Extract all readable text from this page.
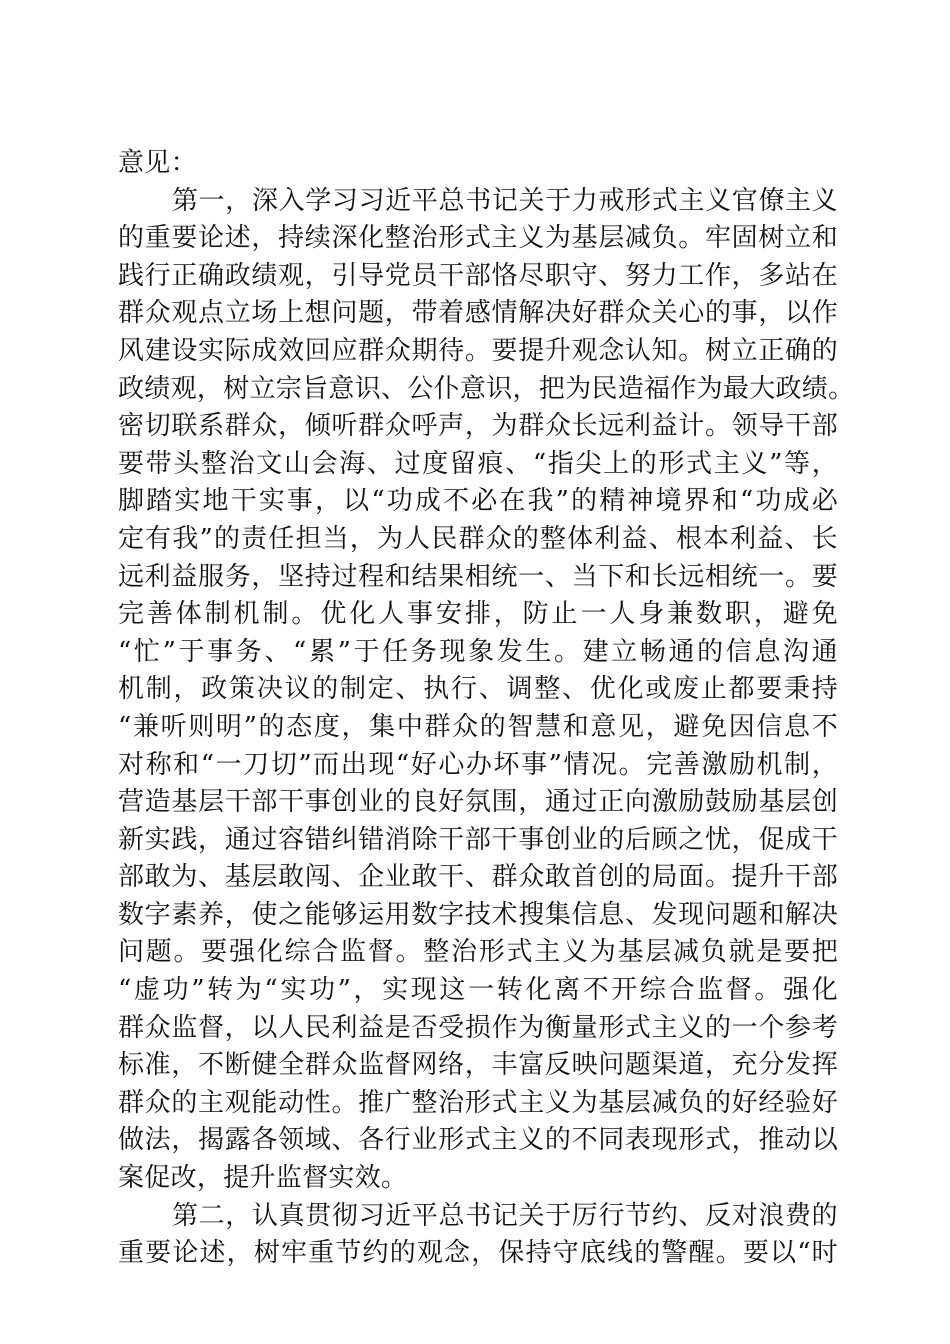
意见：
第一，深入学习习近平总书记关于力戒形式主义官僚主义
的重要论述，持续深化整治形式主义为基层减负。牢固树立和
践行正确政绩观，引导党员干部恪尽职守、努力工作，多站在
群众观点立场上想问题，带着感情解决好群众关心的事，以作
风建设实际成效回应群众期待。要提升观念认知。树立正确的
政绩观，树立宗旨意识、公仆意识，把为民造福作为最大政绩。
密切联系群众，倾听群众呼声，为群众长远利益计。领导干部
要带头整治文山会海、过度留痕、“指尖上的形式主义”等，
脚踏实地干实事，以“功成不必在我”的精神境界和“功成必
定有我”的责任担当，为人民群众的整体利益、根本利益、长
远利益服务，坚持过程和结果相统一、当下和长远相统一。要
完善体制机制。优化人事安排，防止一人身兼数职，避免
“忙”于事务、“累”于任务现象发生。建立畅通的信息沟通
机制，政策决议的制定、执行、调整、优化或废止都要秉持
“兼听则明”的态度，集中群众的智慧和意见，避免因信息不
对称和“一刀切”而出现“好心办坏事”情况。完善激励机制，
营造基层干部干事创业的良好氛围，通过正向激励鼓励基层创
新实践，通过容错纠错消除干部干事创业的后顾之忧，促成干
部敢为、基层敢闯、企业敢干、群众敢首创的局面。提升干部
数字素养，使之能够运用数字技术搜集信息、发现问题和解决
问题。要强化综合监督。整治形式主义为基层减负就是要把
“虚功”转为“实功”，实现这一转化离不开综合监督。强化
群众监督，以人民利益是否受损作为衡量形式主义的一个参考
标准，不断健全群众监督网络，丰富反映问题渠道，充分发挥
群众的主观能动性。推广整治形式主义为基层减负的好经验好
做法，揭露各领域、各行业形式主义的不同表现形式，推动以
案促改，提升监督实效。
第二，认真贯彻习近平总书记关于厉行节约、反对浪费的
重要论述，树牢重节约的观念，保持守底线的警醒。要以“时
